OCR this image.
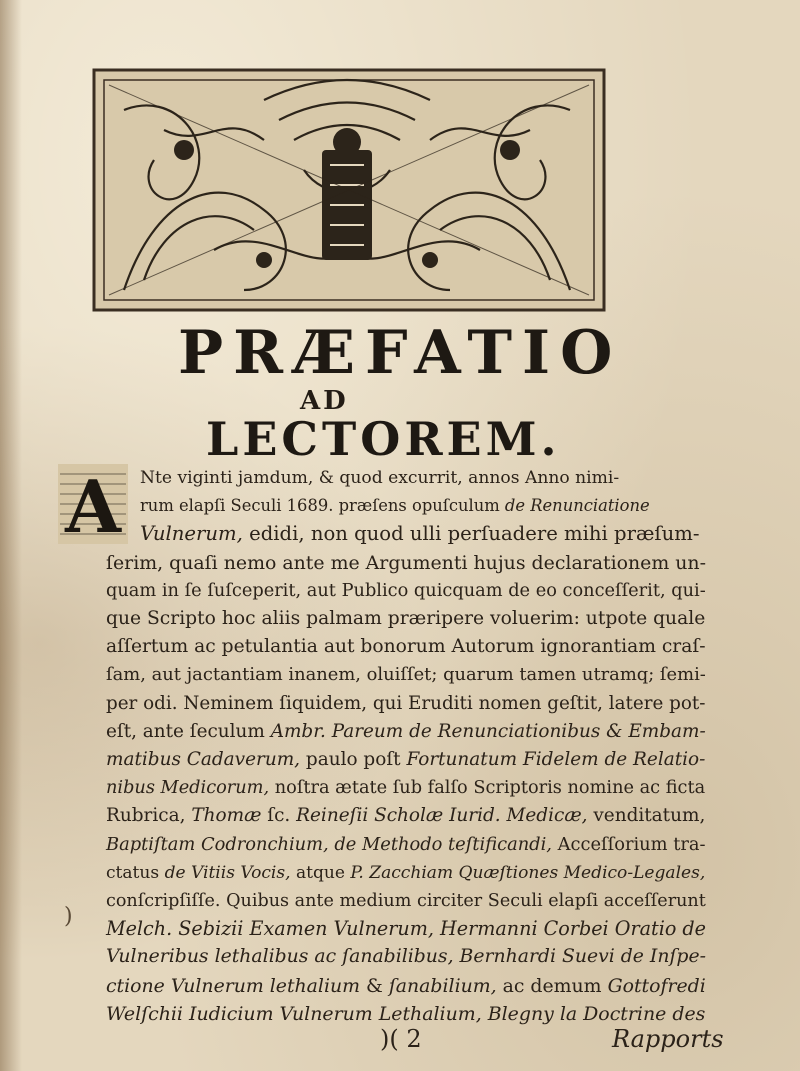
PRÆFATIO
AD
LECTOREM.
A Nte viginti jamdum, & quod excurrit, annos Anno nimi-
rum elapſi Seculi 1689. præſens opuſculum de Renunciatione
Vulnerum, edidi, non quod ulli perſuadere mihi præſum-
ſerim, quaſi nemo ante me Argumenti hujus declarationem un-
quam in ſe ſuſceperit, aut Publico quicquam de eo conceſſerit, qui-
que Scripto hoc aliis palmam præripere voluerim: utpote quale
aſſertum ac petulantia aut bonorum Autorum ignorantiam craſ-
ſam, aut jactantiam inanem, oluiſſet; quarum tamen utramq; ſemi-
per odi. Neminem ſiquidem, qui Eruditi nomen geſtit, latere pot-
eſt, ante ſeculum Ambr. Pareum de Renunciationibus & Embam-
matibus Cadaverum, paulo poſt Fortunatum Fidelem de Relatio-
nibus Medicorum, noſtra ætate ſub falſo Scriptoris nomine ac ficta
Rubrica, Thomæ ſc. Reineſii Scholæ Iurid. Medicæ, venditatum,
Baptiſtam Codronchium, de Methodo teſtificandi, Acceſſorium tra-
ctatus de Vitiis Vocis, atque P. Zacchiam Quæſtiones Medico-Legales,
conſcripſiſſe. Quibus ante medium circiter Seculi elapſi acceſſerunt
Melch. Sebizii Examen Vulnerum, Hermanni Corbei Oratio de
Vulneribus lethalibus ac ſanabilibus, Bernhardi Suevi de Inſpe-
ctione Vulnerum lethalium & ſanabilium, ac demum Gottofredi
Welſchii Iudicium Vulnerum Lethalium, Blegny la Doctrine des
)
)( 2	Rapports
